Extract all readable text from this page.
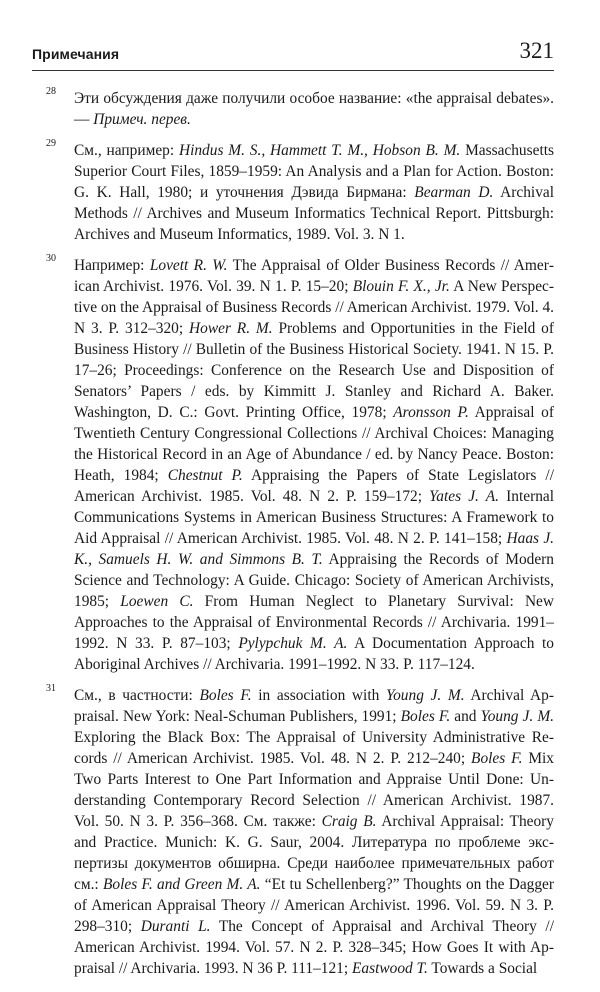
Примечания	321
28 Эти обсуждения даже получили особое название: «the appraisal debates». — Примеч. перев.
29 См., например: Hindus M. S., Hammett T. M., Hobson B. M. Massachusetts Superior Court Files, 1859–1959: An Analysis and a Plan for Action. Boston: G. K. Hall, 1980; и уточнения Дэвида Бирмана: Bearman D. Archival Methods // Archives and Museum Informatics Technical Report. Pittsburgh: Archives and Museum Informatics, 1989. Vol. 3. N 1.
30 Например: Lovett R. W. The Appraisal of Older Business Records // American Archivist. 1976. Vol. 39. N 1. P. 15–20; Blouin F. X., Jr. A New Perspective on the Appraisal of Business Records // American Archivist. 1979. Vol. 4. N 3. P. 312–320; Hower R. M. Problems and Opportunities in the Field of Business History // Bulletin of the Business Historical Society. 1941. N 15. P. 17–26; Proceedings: Conference on the Research Use and Disposition of Senators’ Papers / eds. by Kimmitt J. Stanley and Richard A. Baker. Washington, D. C.: Govt. Printing Office, 1978; Aronsson P. Appraisal of Twentieth Century Congressional Collections // Archival Choices: Managing the Historical Record in an Age of Abundance / ed. by Nancy Peace. Boston: Heath, 1984; Chestnut P. Appraising the Papers of State Legislators // American Archivist. 1985. Vol. 48. N 2. P. 159–172; Yates J. A. Internal Communications Systems in American Business Structures: A Framework to Aid Appraisal // American Archivist. 1985. Vol. 48. N 2. P. 141–158; Haas J. K., Samuels H. W. and Simmons B. T. Appraising the Records of Modern Science and Technology: A Guide. Chicago: Society of American Archivists, 1985; Loewen C. From Human Neglect to Planetary Survival: New Approaches to the Appraisal of Environmental Records // Archivaria. 1991–1992. N 33. P. 87–103; Pylypchuk M. A. A Documentation Approach to Aboriginal Archives // Archivaria. 1991–1992. N 33. P. 117–124.
31 См., в частности: Boles F. in association with Young J. M. Archival Appraisal. New York: Neal-Schuman Publishers, 1991; Boles F. and Young J. M. Exploring the Black Box: The Appraisal of University Administrative Records // American Archivist. 1985. Vol. 48. N 2. P. 212–240; Boles F. Mix Two Parts Interest to One Part Information and Appraise Until Done: Understanding Contemporary Record Selection // American Archivist. 1987. Vol. 50. N 3. P. 356–368. См. также: Craig B. Archival Appraisal: Theory and Practice. Munich: K. G. Saur, 2004. Литература по проблеме экспертизы документов обширна. Среди наиболее примечательных работ см.: Boles F. and Green M. A. “Et tu Schellenberg?” Thoughts on the Dagger of American Appraisal Theory // American Archivist. 1996. Vol. 59. N 3. P. 298–310; Duranti L. The Concept of Appraisal and Archival Theory // American Archivist. 1994. Vol. 57. N 2. P. 328–345; How Goes It with Appraisal // Archivaria. 1993. N 36 P. 111–121; Eastwood T. Towards a Social
